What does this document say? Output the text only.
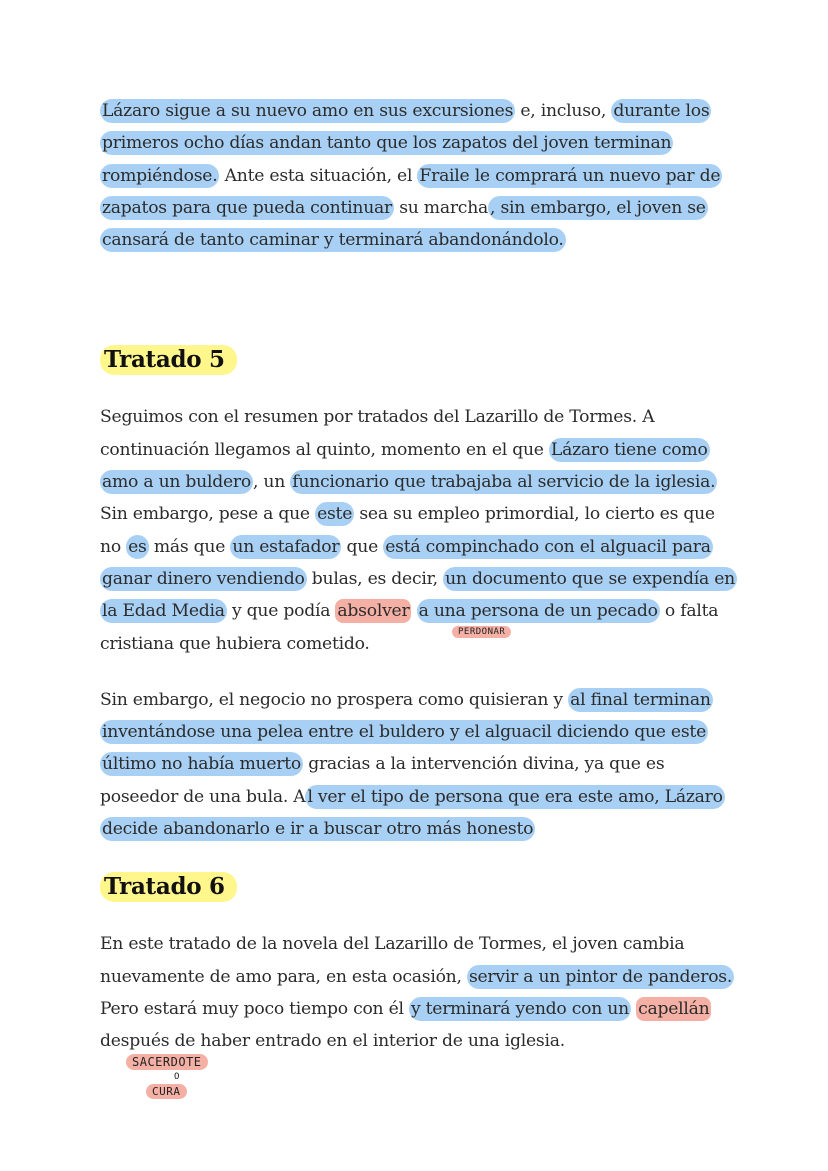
Lázaro sigue a su nuevo amo en sus excursiones e, incluso, durante los primeros ocho días andan tanto que los zapatos del joven terminan rompiéndose. Ante esta situación, el Fraile le comprará un nuevo par de zapatos para que pueda continuar su marcha , sin embargo, el joven se cansará de tanto caminar y terminará abandonándolo.

Tratado 5

Seguimos con el resumen por tratados del Lazarillo de Tormes. A continuación llegamos al quinto, momento en el que Lázaro tiene como amo a un buldero , un funcionario que trabajaba al servicio de la iglesia. Sin embargo, pese a que este sea su empleo primordial, lo cierto es que no es más que un estafador que está compinchado con el alguacil para ganar dinero vendiendo bulas, es decir, un documento que se expendía en la Edad Media y que podía absolver a una persona de un pecado o falta cristiana que hubiera cometido.

Sin embargo, el negocio no prospera como quisieran y al final terminan inventándose una pelea entre el buldero y el alguacil diciendo que este último no había muerto gracias a la intervención divina, ya que es poseedor de una bula. A l ver el tipo de persona que era este amo, Lázaro decide abandonarlo e ir a buscar otro más honesto

Tratado 6

En este tratado de la novela del Lazarillo de Tormes, el joven cambia nuevamente de amo para, en esta ocasión, servir a un pintor de panderos. Pero estará muy poco tiempo con él y terminará yendo con un capellán después de haber entrado en el interior de una iglesia.

PERDONAR
SACERDOTE
O
CURA
